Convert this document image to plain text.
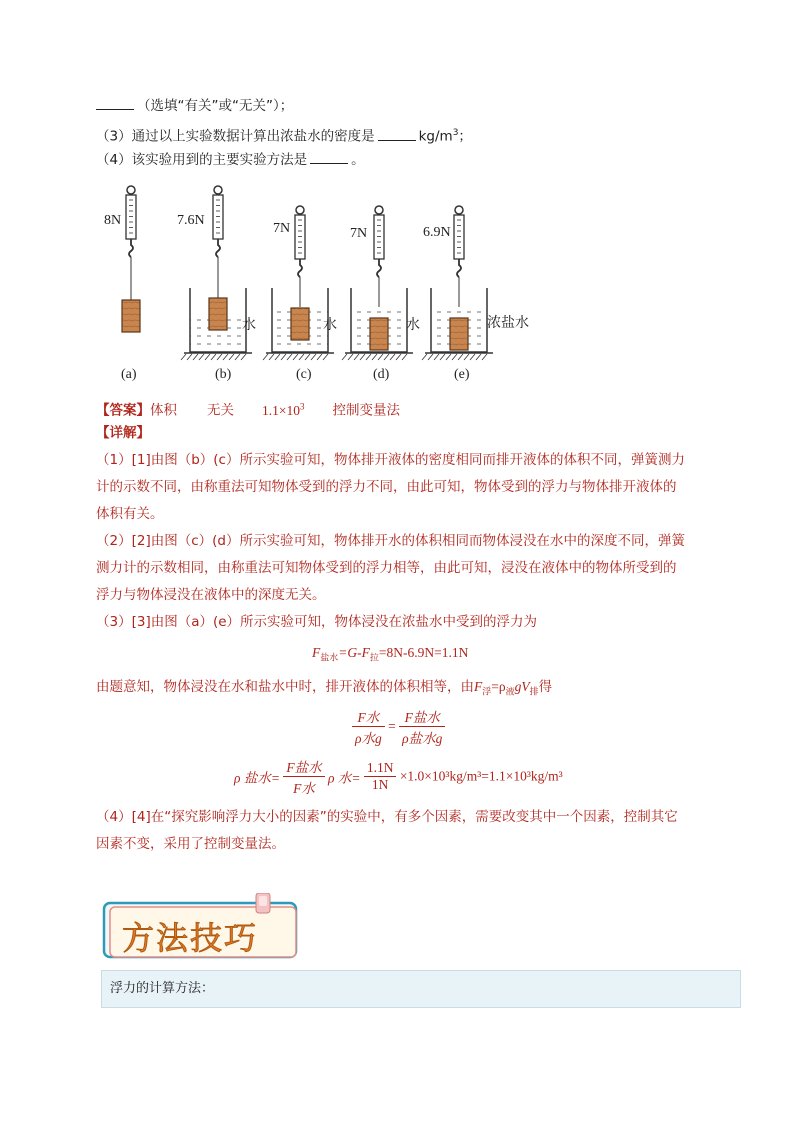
（选填“有关”或“无关”）；
（3）通过以上实验数据计算出浓盐水的密度是	$kg/m^3$；
（4）该实验用到的主要实验方法是	。
8N	7.6N
7N	7N	6.9N
水	水	水	浓盐水
(a)	(b)	(c)	(d)	(e)
【答案】体积 无关 $1.1\times 10^3$ 控制变量法
【详解】
（1）[1]由图（b）(c）所示实验可知，物体排开液体的密度相同而排开液体的体积不同，弹簧测力
计的示数不同，由称重法可知物体受到的浮力不同，由此可知，物体受到的浮力与物体排开液体的
体积有关。
（2）[2]由图（c）(d）所示实验可知，物体排开水的体积相同而物体浸没在水中的深度不同，弹簧
测力计的示数相同，由称重法可知物体受到的浮力相等，由此可知，浸没在液体中的物体所受到的
浮力与物体浸没在液体中的深度无关。
（3）[3]由图（a）(e）所示实验可知，物体浸没在浓盐水中受到的浮力为
$F_{盐水}=G-F_拉=8N-6.9N=1.1N$
由题意知，物体浸没在水和盐水中时，排开液体的体积相等，由$F_浮=\rho_液gV_排$得
$\frac{\text{F水}}{\text{ρ水g}} = \frac{\text{F盐水}}{\text{ρ盐水g}}$
ρ 盐水= $\frac{\text{F盐水}}{\text{F水}}$ ρ 水= $\frac{1.1N}{1N} \times 1.0\times 10^3kg/m^3=1.1\times 10^3kg/m^3$
（4）[4]在“探究影响浮力大小的因素”的实验中，有多个因素，需要改变其中一个因素，控制其它
因素不变，采用了控制变量法。
方法技巧
浮力的计算方法：
